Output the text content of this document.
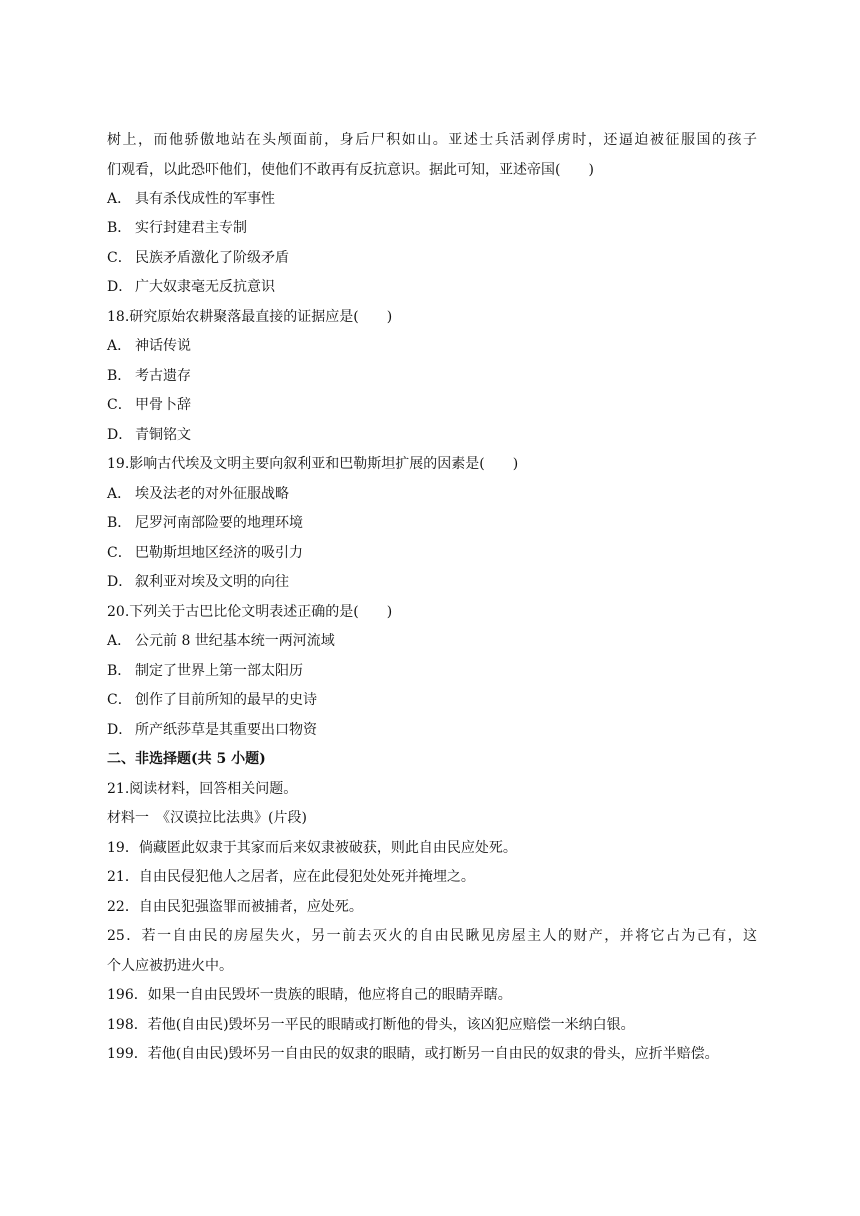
树上，而他骄傲地站在头颅面前，身后尸积如山。亚述士兵活剥俘虏时，还逼迫被征服国的孩子
们观看，以此恐吓他们，使他们不敢再有反抗意识。据此可知，亚述帝国(　　)
A． 具有杀伐成性的军事性
B． 实行封建君主专制
C． 民族矛盾激化了阶级矛盾
D． 广大奴隶毫无反抗意识
18.研究原始农耕聚落最直接的证据应是(　　)
A． 神话传说
B． 考古遗存
C． 甲骨卜辞
D． 青铜铭文
19.影响古代埃及文明主要向叙利亚和巴勒斯坦扩展的因素是(　　)
A． 埃及法老的对外征服战略
B． 尼罗河南部险要的地理环境
C． 巴勒斯坦地区经济的吸引力
D． 叙利亚对埃及文明的向往
20.下列关于古巴比伦文明表述正确的是(　　)
A． 公元前 8 世纪基本统一两河流域
B． 制定了世界上第一部太阳历
C． 创作了目前所知的最早的史诗
D． 所产纸莎草是其重要出口物资
二、非选择题(共 5 小题)
21.阅读材料，回答相关问题。
材料一　《汉谟拉比法典》(片段)
19．倘藏匿此奴隶于其家而后来奴隶被破获，则此自由民应处死。
21．自由民侵犯他人之居者，应在此侵犯处处死并掩埋之。
22．自由民犯强盗罪而被捕者，应处死。
25．若一自由民的房屋失火，另一前去灭火的自由民瞅见房屋主人的财产，并将它占为己有，这
个人应被扔进火中。
196．如果一自由民毁坏一贵族的眼睛，他应将自己的眼睛弄瞎。
198．若他(自由民)毁坏另一平民的眼睛或打断他的骨头，该凶犯应赔偿一米纳白银。
199．若他(自由民)毁坏另一自由民的奴隶的眼睛，或打断另一自由民的奴隶的骨头，应折半赔偿。
